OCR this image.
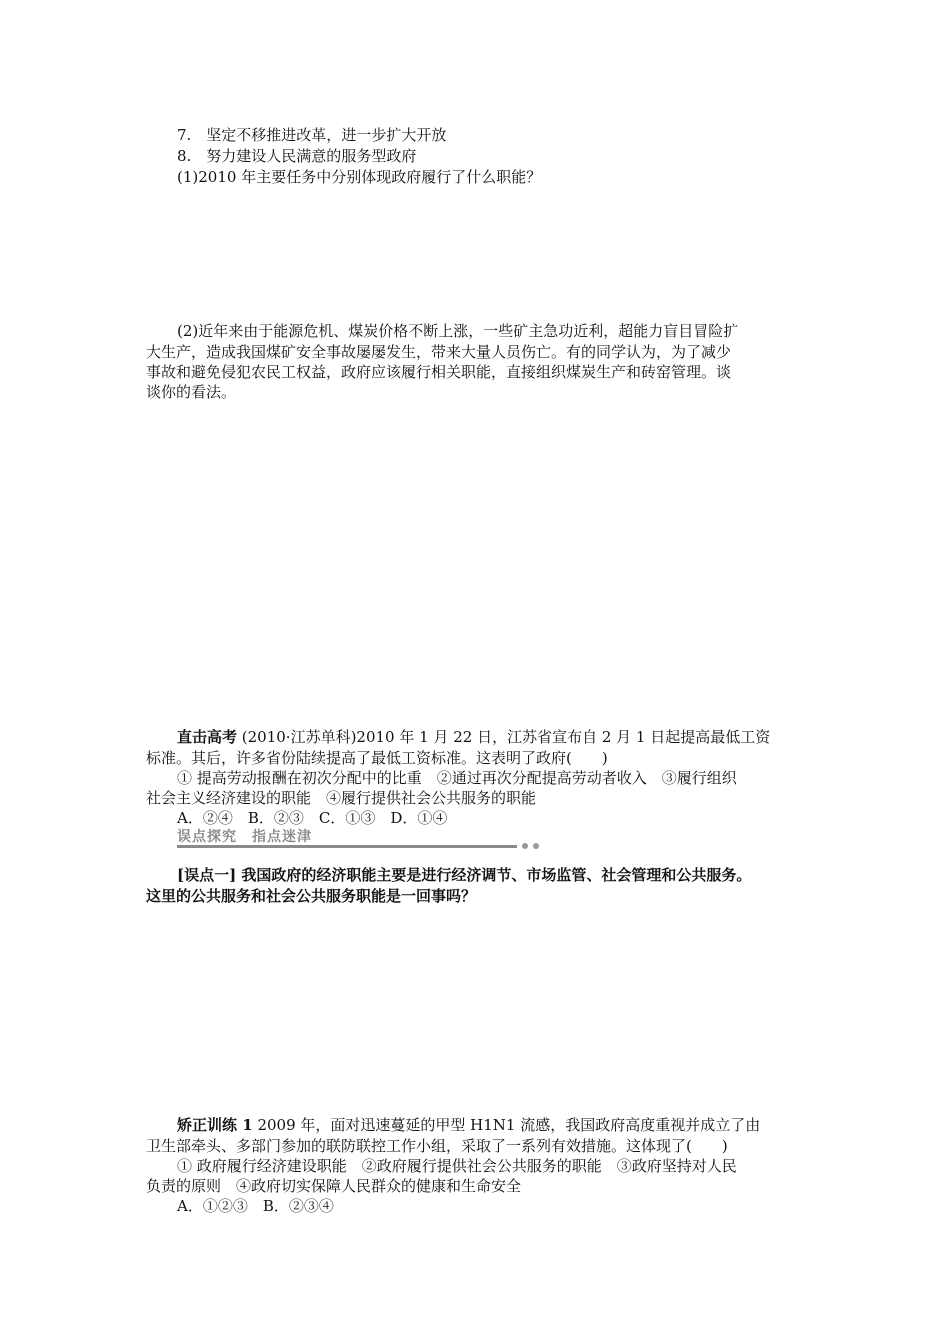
7.　坚定不移推进改革，进一步扩大开放
8.　努力建设人民满意的服务型政府
(1)2010 年主要任务中分别体现政府履行了什么职能？
(2)近年来由于能源危机、煤炭价格不断上涨，一些矿主急功近利，超能力盲目冒险扩
大生产，造成我国煤矿安全事故屡屡发生，带来大量人员伤亡。有的同学认为，为了减少
事故和避免侵犯农民工权益，政府应该履行相关职能，直接组织煤炭生产和砖窑管理。谈
谈你的看法。
直击高考 (2010·江苏单科)2010 年 1 月 22 日，江苏省宣布自 2 月 1 日起提高最低工资
标准。其后，许多省份陆续提高了最低工资标准。这表明了政府(　　)
① 提高劳动报酬在初次分配中的比重　②通过再次分配提高劳动者收入　③履行组织
社会主义经济建设的职能　④履行提供社会公共服务的职能
A．②④　B．②③　C．①③　D．①④
误点探究　指点迷津
[误点一] 我国政府的经济职能主要是进行经济调节、市场监管、社会管理和公共服务。
这里的公共服务和社会公共服务职能是一回事吗？
矫正训练 1 2009 年，面对迅速蔓延的甲型 H1N1 流感，我国政府高度重视并成立了由
卫生部牵头、多部门参加的联防联控工作小组，采取了一系列有效措施。这体现了(　　)
① 政府履行经济建设职能　②政府履行提供社会公共服务的职能　③政府坚持对人民
负责的原则　④政府切实保障人民群众的健康和生命安全
A．①②③　B．②③④
